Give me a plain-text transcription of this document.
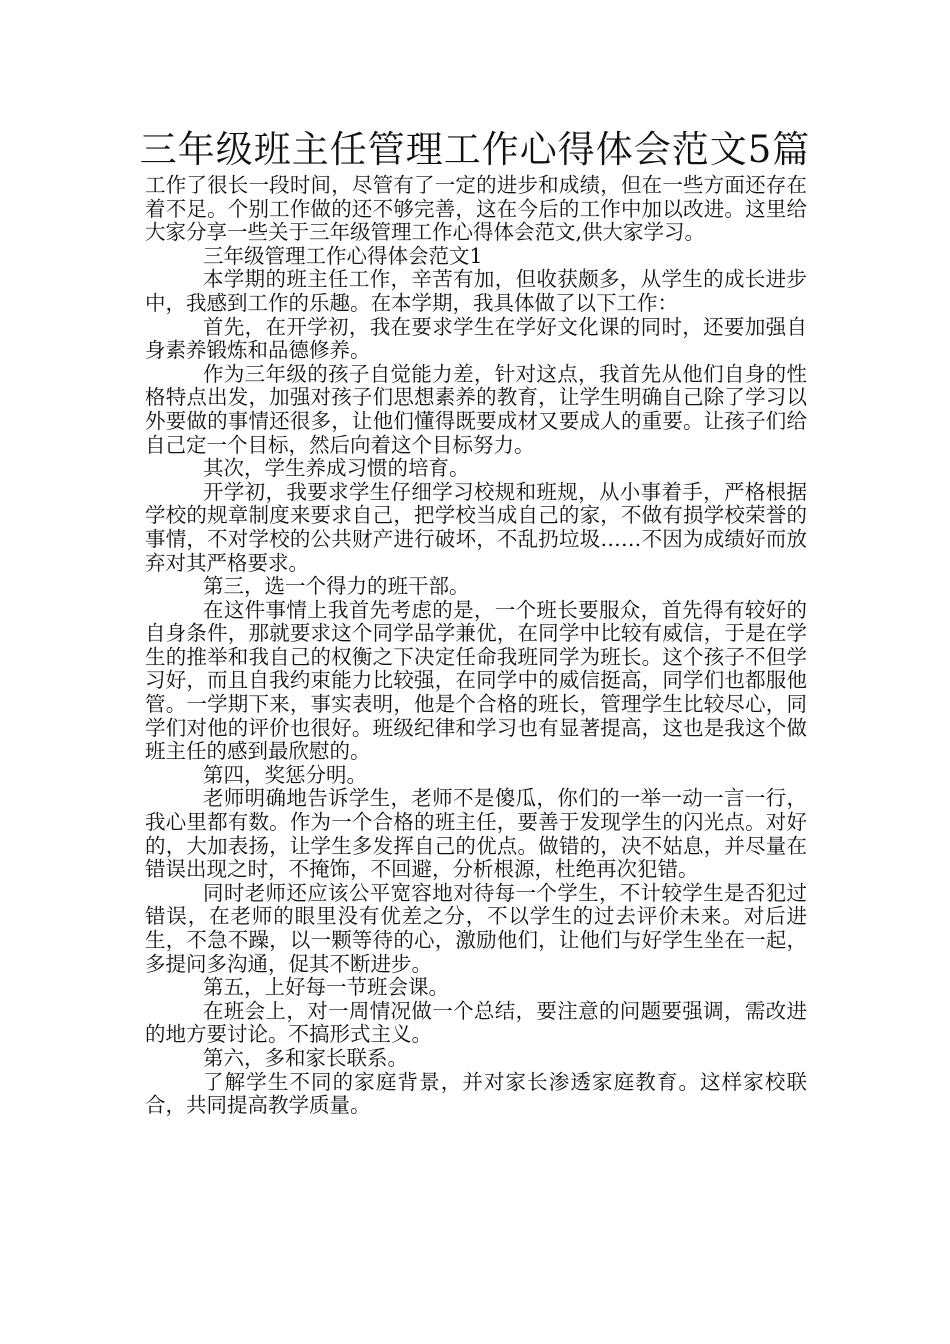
三年级班主任管理工作心得体会范文5篇

工作了很长一段时间，尽管有了一定的进步和成绩，但在一些方面还存在着不足。个别工作做的还不够完善，这在今后的工作中加以改进。这里给大家分享一些关于三年级管理工作心得体会范文,供大家学习。

三年级管理工作心得体会范文1

本学期的班主任工作，辛苦有加，但收获颇多，从学生的成长进步中，我感到工作的乐趣。在本学期，我具体做了以下工作：

首先，在开学初，我在要求学生在学好文化课的同时，还要加强自身素养锻炼和品德修养。

作为三年级的孩子自觉能力差，针对这点，我首先从他们自身的性格特点出发，加强对孩子们思想素养的教育，让学生明确自己除了学习以外要做的事情还很多，让他们懂得既要成材又要成人的重要。让孩子们给自己定一个目标，然后向着这个目标努力。

其次，学生养成习惯的培育。

开学初，我要求学生仔细学习校规和班规，从小事着手，严格根据学校的规章制度来要求自己，把学校当成自己的家，不做有损学校荣誉的事情，不对学校的公共财产进行破坏，不乱扔垃圾……不因为成绩好而放弃对其严格要求。

第三，选一个得力的班干部。

在这件事情上我首先考虑的是，一个班长要服众，首先得有较好的自身条件，那就要求这个同学品学兼优，在同学中比较有威信，于是在学生的推举和我自己的权衡之下决定任命我班同学为班长。这个孩子不但学习好，而且自我约束能力比较强，在同学中的威信挺高，同学们也都服他管。一学期下来，事实表明，他是个合格的班长，管理学生比较尽心，同学们对他的评价也很好。班级纪律和学习也有显著提高，这也是我这个做班主任的感到最欣慰的。

第四，奖惩分明。

老师明确地告诉学生，老师不是傻瓜，你们的一举一动一言一行，我心里都有数。作为一个合格的班主任，要善于发现学生的闪光点。对好的，大加表扬，让学生多发挥自己的优点。做错的，决不姑息，并尽量在错误出现之时，不掩饰，不回避，分析根源，杜绝再次犯错。

同时老师还应该公平宽容地对待每一个学生，不计较学生是否犯过错误，在老师的眼里没有优差之分，不以学生的过去评价未来。对后进生，不急不躁，以一颗等待的心，激励他们，让他们与好学生坐在一起，多提问多沟通，促其不断进步。

第五，上好每一节班会课。

在班会上，对一周情况做一个总结，要注意的问题要强调，需改进的地方要讨论。不搞形式主义。

第六，多和家长联系。

了解学生不同的家庭背景，并对家长渗透家庭教育。这样家校联合，共同提高教学质量。
